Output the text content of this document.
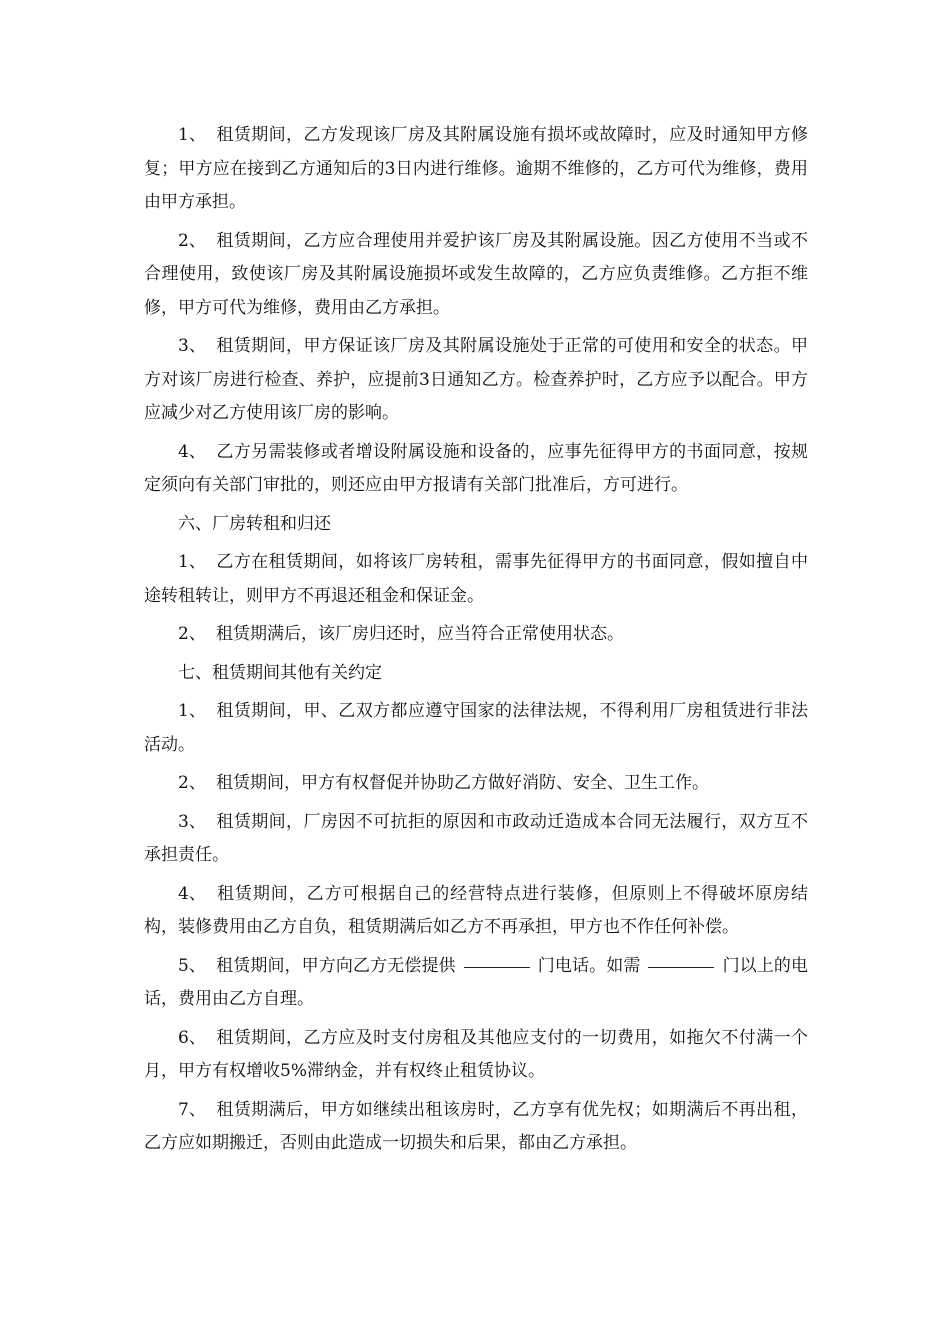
1、 租赁期间，乙方发现该厂房及其附属设施有损坏或故障时，应及时通知甲方修复；甲方应在接到乙方通知后的3日内进行维修。逾期不维修的，乙方可代为维修，费用由甲方承担。

2、 租赁期间，乙方应合理使用并爱护该厂房及其附属设施。因乙方使用不当或不合理使用，致使该厂房及其附属设施损坏或发生故障的，乙方应负责维修。乙方拒不维修，甲方可代为维修，费用由乙方承担。

3、 租赁期间，甲方保证该厂房及其附属设施处于正常的可使用和安全的状态。甲方对该厂房进行检查、养护，应提前3日通知乙方。检查养护时，乙方应予以配合。甲方应减少对乙方使用该厂房的影响。

4、 乙方另需装修或者增设附属设施和设备的，应事先征得甲方的书面同意，按规定须向有关部门审批的，则还应由甲方报请有关部门批准后，方可进行。

六、厂房转租和归还

1、 乙方在租赁期间，如将该厂房转租，需事先征得甲方的书面同意，假如擅自中途转租转让，则甲方不再退还租金和保证金。

2、 租赁期满后，该厂房归还时，应当符合正常使用状态。

七、租赁期间其他有关约定

1、 租赁期间，甲、乙双方都应遵守国家的法律法规，不得利用厂房租赁进行非法活动。

2、 租赁期间，甲方有权督促并协助乙方做好消防、安全、卫生工作。

3、 租赁期间，厂房因不可抗拒的原因和市政动迁造成本合同无法履行，双方互不承担责任。

4、 租赁期间，乙方可根据自己的经营特点进行装修，但原则上不得破坏原房结构，装修费用由乙方自负，租赁期满后如乙方不再承担，甲方也不作任何补偿。

5、 租赁期间，甲方向乙方无偿提供	门电话。如需	门以上的电话，费用由乙方自理。

6、 租赁期间，乙方应及时支付房租及其他应支付的一切费用，如拖欠不付满一个月，甲方有权增收5%滞纳金，并有权终止租赁协议。

7、 租赁期满后，甲方如继续出租该房时，乙方享有优先权；如期满后不再出租，乙方应如期搬迁，否则由此造成一切损失和后果，都由乙方承担。
